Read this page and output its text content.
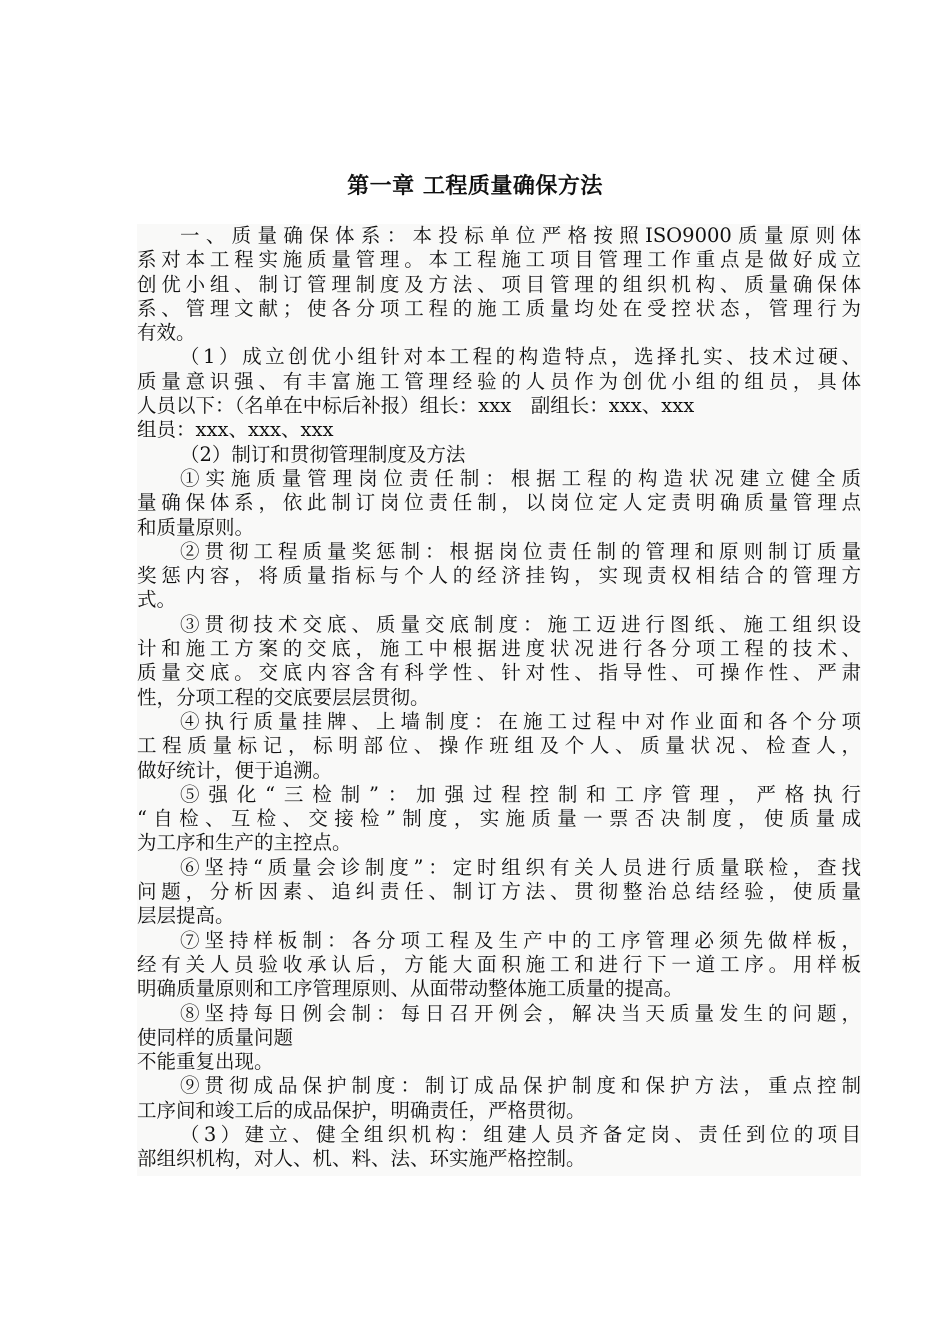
第一章 工程质量确保方法
一、质量确保体系：本投标单位严格按照ISO9000质量原则体
系对本工程实施质量管理。本工程施工项目管理工作重点是做好成立
创优小组、制订管理制度及方法、项目管理的组织机构、质量确保体
系、管理文献；使各分项工程的施工质量均处在受控状态，管理行为
有效。
（1）成立创优小组针对本工程的构造特点，选择扎实、技术过硬、
质量意识强、有丰富施工管理经验的人员作为创优小组的组员，具体
人员以下：（名单在中标后补报）组长：xxx　副组长：xxx、xxx
组员：xxx、xxx、xxx
（2）制订和贯彻管理制度及方法
①实施质量管理岗位责任制：根据工程的构造状况建立健全质
量确保体系，依此制订岗位责任制，以岗位定人定责明确质量管理点
和质量原则。
②贯彻工程质量奖惩制：根据岗位责任制的管理和原则制订质量
奖惩内容，将质量指标与个人的经济挂钩，实现责权相结合的管理方
式。
③贯彻技术交底、质量交底制度：施工迈进行图纸、施工组织设
计和施工方案的交底，施工中根据进度状况进行各分项工程的技术、
质量交底。交底内容含有科学性、针对性、指导性、可操作性、严肃
性，分项工程的交底要层层贯彻。
④执行质量挂牌、上墙制度：在施工过程中对作业面和各个分项
工程质量标记，标明部位、操作班组及个人、质量状况、检查人，
做好统计，便于追溯。
⑤强化“三检制”：加强过程控制和工序管理，严格执行
“自检、互检、交接检”制度，实施质量一票否决制度，使质量成
为工序和生产的主控点。
⑥坚持“质量会诊制度”：定时组织有关人员进行质量联检，查找
问题，分析因素、追纠责任、制订方法、贯彻整治总结经验，使质量
层层提高。
⑦坚持样板制：各分项工程及生产中的工序管理必须先做样板，
经有关人员验收承认后，方能大面积施工和进行下一道工序。用样板
明确质量原则和工序管理原则、从面带动整体施工质量的提高。
⑧坚持每日例会制：每日召开例会，解决当天质量发生的问题，
使同样的质量问题
不能重复出现。
⑨贯彻成品保护制度：制订成品保护制度和保护方法，重点控制
工序间和竣工后的成品保护，明确责任，严格贯彻。
（3）建立、健全组织机构：组建人员齐备定岗、责任到位的项目
部组织机构，对人、机、料、法、环实施严格控制。
